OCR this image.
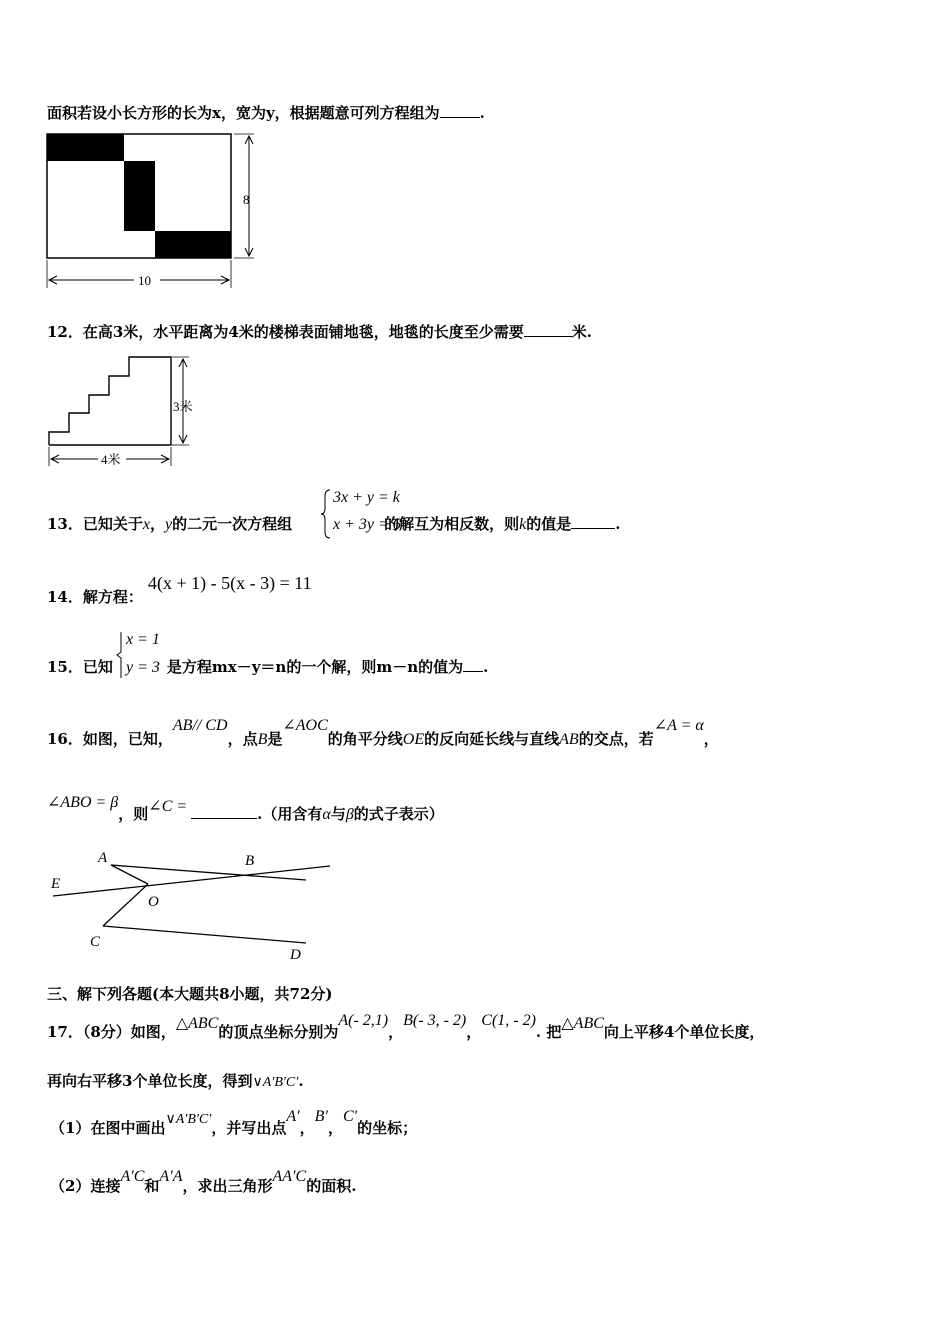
面积若设小长方形的长为x，宽为y，根据题意可列方程组为	.
8
10
12．在高3米，水平距离为4米的楼梯表面铺地毯，地毯的长度至少需要	米.
3米
4米
13．已知关于x，y的二元一次方程组	的解互为相反数，则k的值是	.
3x + y = k
x + 3y = 6
14．解方程：
4(x + 1) - 5(x - 3) = 11
15．已知	是方程mx－y＝n的一个解，则m－n的值为 .
x = 1
y = 3
16．如图，已知，AB// CD，点B是∠AOC的角平分线OE的反向延长线与直线AB的交点，若∠A = α，
∠ABO = β，则∠C =	.（用含有α与β的式子表示）
A	B
E
O
C
D
三、解下列各题(本大题共8小题，共72分)
17．（8分）如图，△ABC的顶点坐标分别为A(- 2,1)，B(- 3, - 2)，C(1, - 2). 把△ABC向上平移4个单位长度，
再向右平移3个单位长度，得到∨A′B′C′.
（1）在图中画出∨A′B′C′，并写出点A′，B′，C′的坐标；
（2）连接A′C和A′A，求出三角形AA′C的面积.
